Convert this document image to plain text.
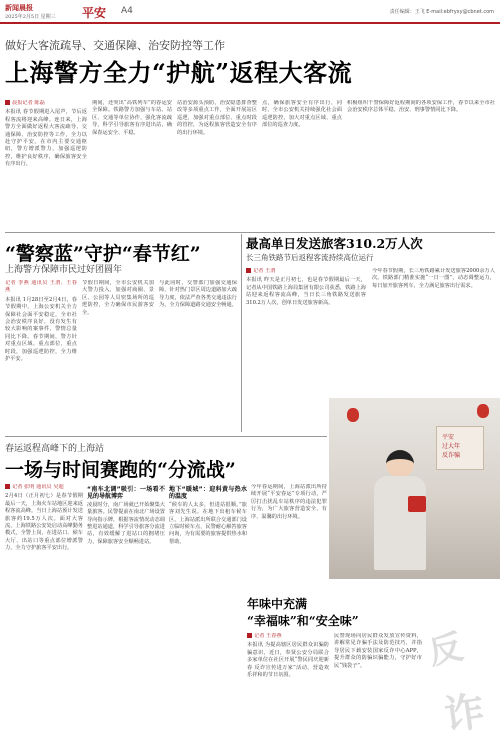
新闻晨报
2025年2月5日 星期三 平安 A4	责任编辑：王飞 E-mail:ebfryxy@cbnet.com
做好大客流疏导、交通保障、治安防控等工作
上海警方全力“护航”返程大客流
晨报记者 陈磊
本报讯 春节假期进入尾声，节后返程客流将迎来高峰。连日来，上海警方全面做好返程大客流疏导、交通保障、治安防控等工作，全力以赴守护平安。在市内主要交通枢纽，警方增派警力，加强巡逻防控，维护良好秩序，确保旅客安全有序出行。
期间，还突出“高铁列车”的春运安全保障。铁路警方加强与车站、站区、交通等单位协作，强化客流疏导，科学引导旅客有序进出站，确保春运安全、平稳。
站治安源头预防，治安隐患排查整改等多项重点工作，全面开展站区巡逻，加强对重点部位、重点时段的管控，为返程旅客营造安全有序的出行环境。
点，确保旅客安全有序出行，同时，全市公安机关持续强化社会面巡逻防控，加大对重点区域、重点部位的巡查力度。
积极组织干警保障好返程期间的各项安保工作，春节以来全市社会治安秩序总体平稳，治安、刑事警情同比下降。
“警察蓝”守护“春节红”
上海警方保障市民过好团圆年
记者 李燕 通讯员 王渭、王春燕
本报讯 1月28日至2月4日，春节假期中，上海公安机关全力保障社会面平安稳定，全市社会治安秩序良好，没有发生有较大影响的案事件，警情总量同比下降。春节期间，警方针对重点区域、重点部位、重点时段，加强巡逻防控，全力维护平安。
节假日期间，全市公安机关加大警力投入，加强对商圈、景区、公园等人员密集场所的巡逻防控，全力确保市民游客安全。
与此同时，交警部门加强交通保障，针对热门景区周边道路加大疏导力度，依法严查各类交通违法行为，全力保障道路交通安全畅通。
最高单日发送旅客310.2万人次
长三角铁路节后返程客流持续高位运行
记者 王渭
本报讯 昨天是正月初七，也是春节假期最后一天，记者从中国铁路上海局集团有限公司获悉，铁路上海站迎来返程客流高峰，当日长三角铁路发送旅客310.2万人次，创单日发送旅客新高。
今年春节假期，长三角铁路累计发送旅客2000余万人次。铁路部门精准实施“一日一图”，动态调整运力，每日加开旅客列车，全力满足旅客出行需求。
春运返程高峰下的上海站
一场与时间赛跑的“分流战”
记者 张明 通讯员 吴超
2月4日（正月初七）是春节假期最后一天，上海火车站地区迎来返程客流高峰。当日上海站预计发送旅客约19.5万人次。面对大客流，上海铁路公安处启动高峰勤务模式，全警上岗，在进站口、候车大厅、出站口等重点部位增派警力，全力守护旅客平安出行。
“南车北调”吸引：一场看不见的导航博弈
凌晨时分，南广场就已开始聚集大量旅客。民警提前在南北广场设置导向指示牌，根据客流情况动态调整进站通道，科学引导旅客分流进站，有效缓解了进站口的拥堵压力，保障旅客安全顺畅进站。
地下“暖城”：迎科黄与热水的温度
“候车的人太多，但进站很顺。”旅客刘先生说。在地下出租车候车区，上海站派出所联合交通部门设立临时候车点，民警耐心解答旅客问询，为有需要的旅客提供热水和帮助。
今年春运期间，上海站派出所持续开展“平安春运”专项行动，严厉打击扰乱车站秩序的违法犯罪行为，为广大旅客营造安全、有序、温馨的出行环境。
平安
过大年
反诈骗
年味中充满
“幸福味”和“安全味”
记者 王春燕
本报讯 为提高辖区居民群众识骗防骗意识，近日，奉贤公安分局联合多家单位在社区开展“警民同庆迎新春 反诈宣传进万家”活动，营造欢乐祥和的节日氛围。
民警现场向居民群众发放宣传资料，讲解常见诈骗手法及防范技巧，并指导居民下载安装国家反诈中心APP，提升群众的防骗识骗能力，守护好市民“钱袋子”。	反
诈
